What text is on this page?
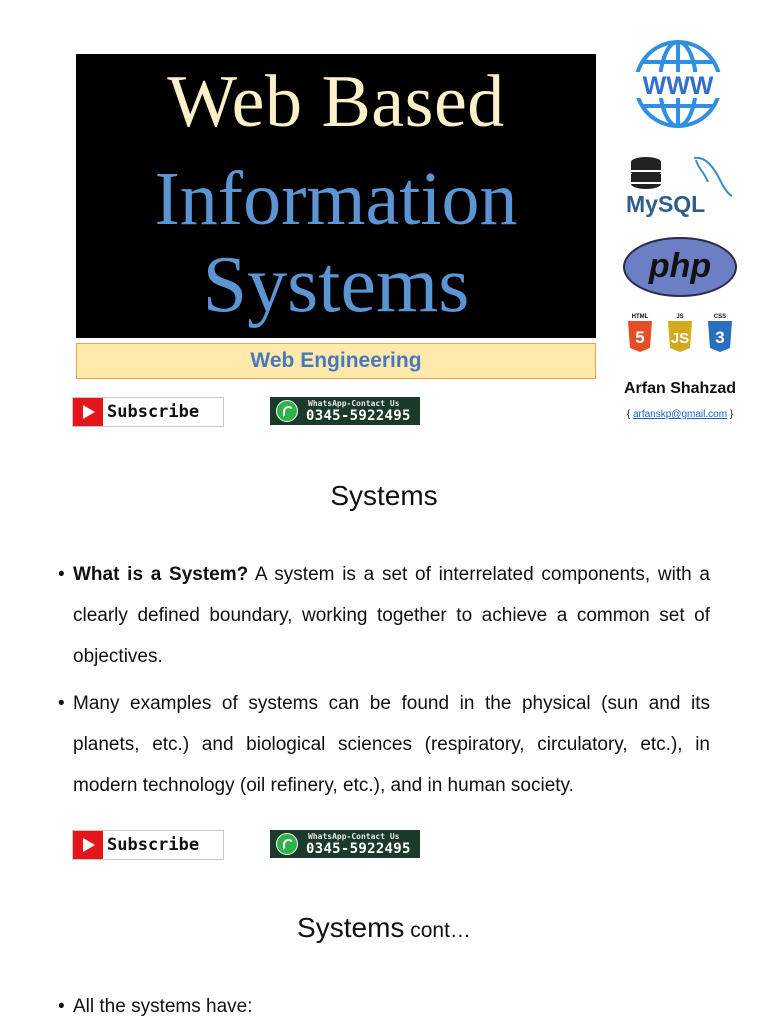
Web Based
Information
Systems
Web Engineering
WWW
MySQL
php
HTML
5
JS
JS
CSS
3
Arfan Shahzad
{ arfanskp@gmail.com }
Subscribe	WhatsApp-Contact Us
0345-5922495
Systems
• What is a System? A system is a set of interrelated components, with a clearly defined boundary, working together to achieve a common set of objectives.
• Many examples of systems can be found in the physical (sun and its planets, etc.) and biological sciences (respiratory, circulatory, etc.), in modern technology (oil refinery, etc.), and in human society.
Subscribe	WhatsApp-Contact Us
0345-5922495
Systems cont…
• All the systems have:
